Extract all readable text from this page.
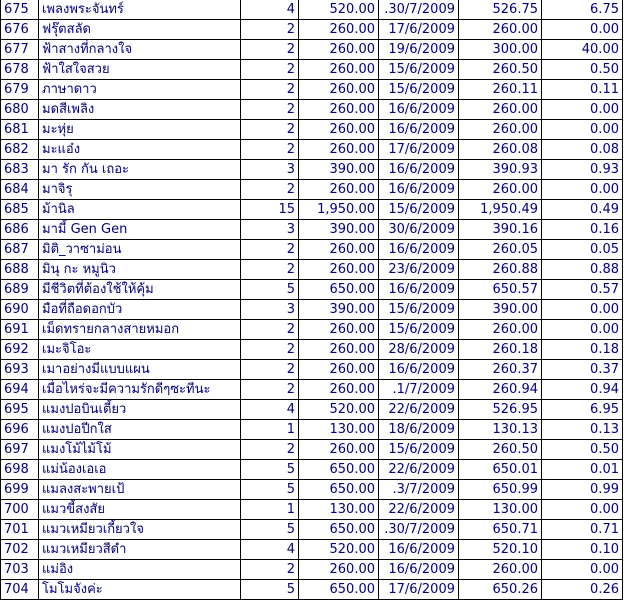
675	เพลงพระจันทร์	4	520.00	.30/7/2009	526.75	6.75
676	ฟรุ๊ตสลัด	2	260.00	17/6/2009	260.00	0.00
677	ฟ้าสางที่กลางใจ	2	260.00	19/6/2009	300.00	40.00
678	ฟ้าใสใจสวย	2	260.00	15/6/2009	260.50	0.50
679	ภาษาดาว	2	260.00	15/6/2009	260.11	0.11
680	มดสีเพลิง	2	260.00	16/6/2009	260.00	0.00
681	มะหุ่ย	2	260.00	16/6/2009	260.00	0.00
682	มะแอ๋ง	2	260.00	17/6/2009	260.08	0.08
683	มา รัก กัน เถอะ	3	390.00	16/6/2009	390.93	0.93
684	มาจิรุ	2	260.00	16/6/2009	260.00	0.00
685	ม้านิล	15	1,950.00	15/6/2009	1,950.49	0.49
686	มามี้ Gen Gen	3	390.00	30/6/2009	390.16	0.16
687	มิติ_วาซาม่อน	2	260.00	16/6/2009	260.05	0.05
688	มินุ กะ หมูนิว	2	260.00	23/6/2009	260.88	0.88
689	มีชีวิตที่ต้องใช้ให้คุ้ม	5	650.00	16/6/2009	650.57	0.57
690	มือที่ถือดอกบัว	3	390.00	15/6/2009	390.00	0.00
691	เม็ดทรายกลางสายหมอก	2	260.00	15/6/2009	260.00	0.00
692	เมะจิโอะ	2	260.00	28/6/2009	260.18	0.18
693	เมาอย่างมีแบบแผน	2	260.00	16/6/2009	260.37	0.37
694	เมื่อไหร่จะมีความรักดีๆซะทีนะ	2	260.00	.1/7/2009	260.94	0.94
695	แมงปอบินเตี้ยว	4	520.00	22/6/2009	526.95	6.95
696	แมงปอปีกใส	1	130.00	18/6/2009	130.13	0.13
697	แมงโม้ไม้โม้	2	260.00	15/6/2009	260.50	0.50
698	แม่น้องเอเอ	5	650.00	22/6/2009	650.01	0.01
699	แมลงสะพายเป้	5	650.00	.3/7/2009	650.99	0.99
700	แมวขี้สงสัย	1	130.00	22/6/2009	130.00	0.00
701	แมวเหมียวเกี้ยวใจ	5	650.00	.30/7/2009	650.71	0.71
702	แมวเหมียวสีดำ	4	520.00	16/6/2009	520.10	0.10
703	แม่อิง	2	260.00	16/6/2009	260.00	0.00
704	โมโมจังค่ะ	5	650.00	17/6/2009	650.26	0.26
